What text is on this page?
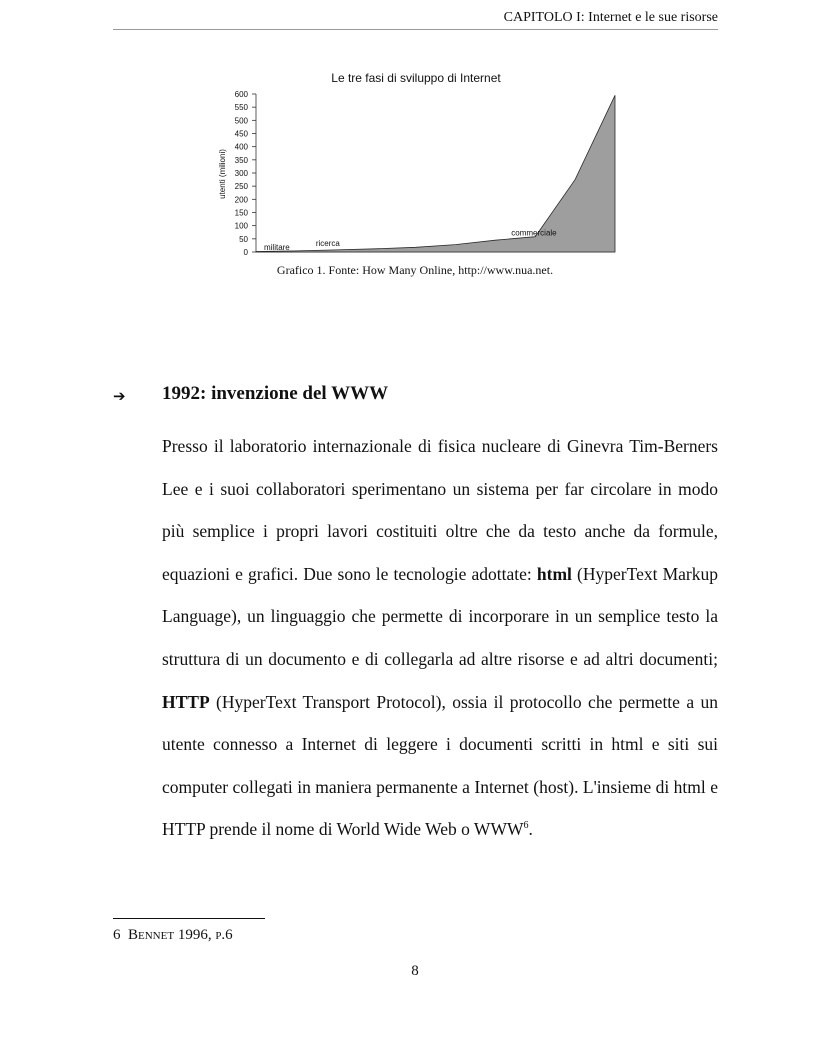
CAPITOLO I: Internet e le sue risorse
Le tre fasi di sviluppo di Internet
utenti (milioni)
0
50
100
150
200
250
300
350
400
450
500
550
600
militare	ricerca
commerciale
Grafico 1. Fonte: How Many Online, http://www.nua.net.
➔ 1992: invenzione del WWW

Presso il laboratorio internazionale di fisica nucleare di Ginevra Tim-Berners Lee e i suoi collaboratori sperimentano un sistema per far circolare in modo più semplice i propri lavori costituiti oltre che da testo anche da formule, equazioni e grafici. Due sono le tecnologie adottate: html (HyperText Markup Language), un linguaggio che permette di incorporare in un semplice testo la struttura di un documento e di collegarla ad altre risorse e ad altri documenti; HTTP (HyperText Transport Protocol), ossia il protocollo che permette a un utente connesso a Internet di leggere i documenti scritti in html e siti sui computer collegati in maniera permanente a Internet (host). L'insieme di html e HTTP prende il nome di World Wide Web o WWW$^6$.

6 Bennet 1996, p.6
8
